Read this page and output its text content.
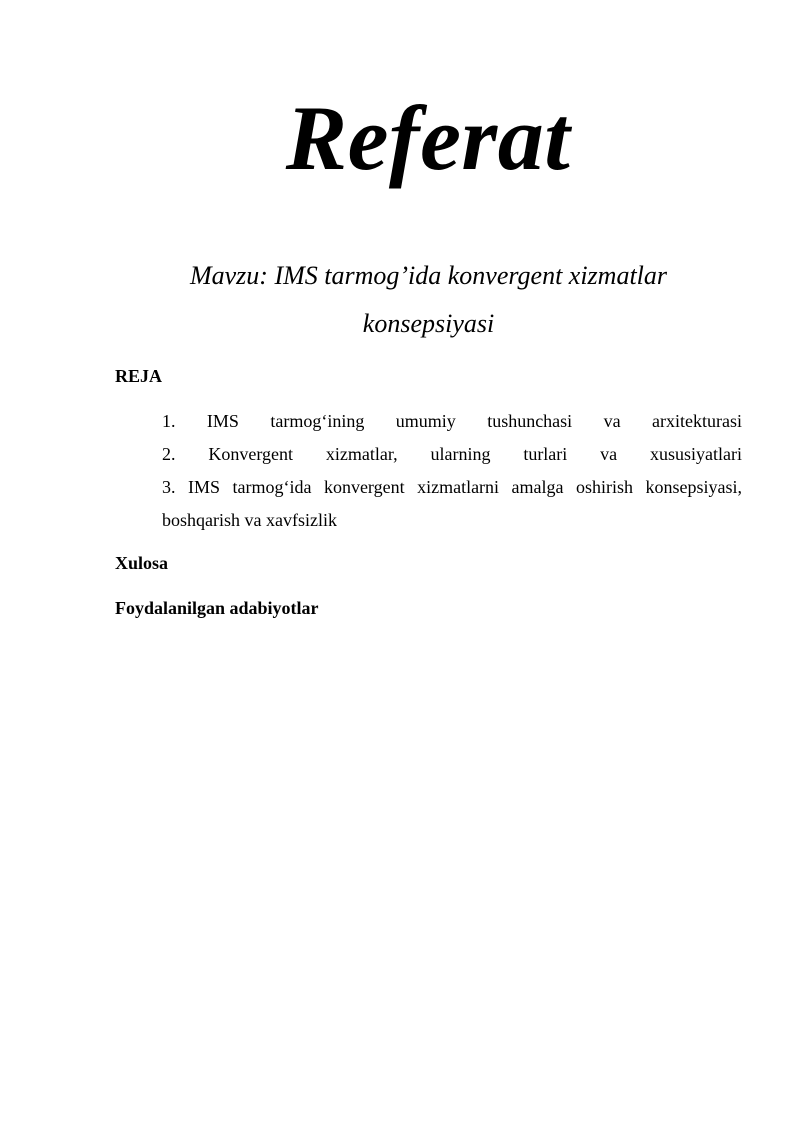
Referat
Mavzu: IMS tarmog’ida konvergent xizmatlar
konsepsiyasi
REJA
1. IMS tarmog‘ining umumiy tushunchasi va arxitekturasi
2. Konvergent xizmatlar, ularning turlari va xususiyatlari
3. IMS tarmog‘ida konvergent xizmatlarni amalga oshirish konsepsiyasi, boshqarish va xavfsizlik
Xulosa
Foydalanilgan adabiyotlar
